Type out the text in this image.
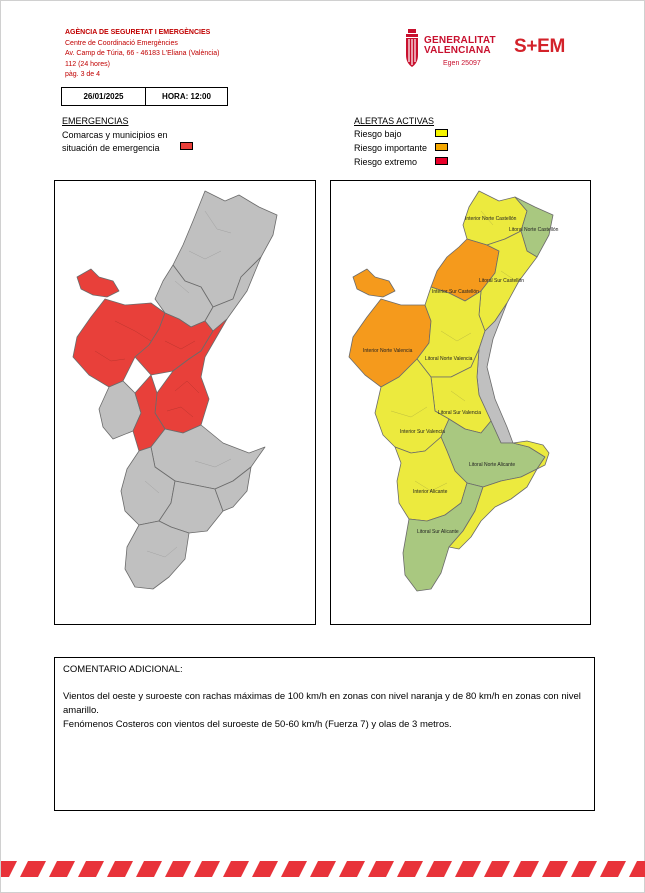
AGÈNCIA DE SEGURETAT I EMERGÈNCIES
Centre de Coordinació Emergències
Av. Camp de Túria, 66 - 46183 L'Eliana (València)
112 (24 hores)
pàg. 3 de 4
GENERALITAT
VALENCIANA
Egen 25097
S+EM
26/01/2025	HORA: 12:00
EMERGENCIAS
Comarcas y municipios en situación de emergencia
ALERTAS ACTIVAS
Riesgo bajo
Riesgo importante
Riesgo extremo
Interior Norte Castellón
Litoral Norte Castellón
Interior Sur Castellón
Litoral Sur Castellón
Interior Norte Valencia
Litoral Norte Valencia
Litoral Sur Valencia
Interior Sur Valencia
Litoral Norte Alicante
Interior Alicante
Litoral Sur Alicante
COMENTARIO ADICIONAL:
Vientos del oeste y suroeste con rachas máximas de 100 km/h en zonas con nivel naranja y de 80 km/h en zonas con nivel amarillo.
Fenómenos Costeros con vientos del suroeste de 50-60 km/h (Fuerza 7) y olas de 3 metros.
